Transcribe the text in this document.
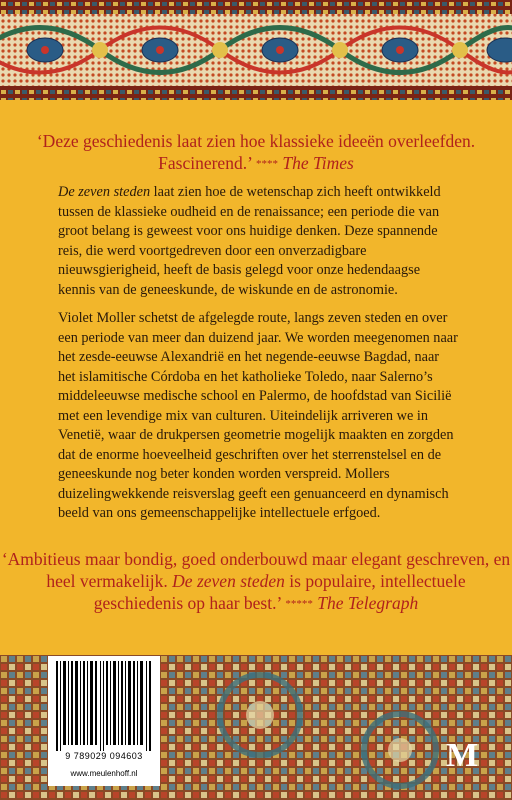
‘Deze geschiedenis laat zien hoe klassieke ideeën overleefden. Fascinerend.’ **** The Times

De zeven steden laat zien hoe de wetenschap zich heeft ontwikkeld tussen de klassieke oudheid en de renaissance; een periode die van groot belang is geweest voor ons huidige denken. Deze spannende reis, die werd voortgedreven door een onverzadigbare nieuwsgierigheid, heeft de basis gelegd voor onze hedendaagse kennis van de geneeskunde, de wiskunde en de astronomie.

Violet Moller schetst de afgelegde route, langs zeven steden en over een periode van meer dan duizend jaar. We worden meegenomen naar het zesde-eeuwse Alexandrië en het negende-eeuwse Bagdad, naar het islamitische Córdoba en het katholieke Toledo, naar Salerno’s middeleeuwse medische school en Palermo, de hoofdstad van Sicilië met een levendige mix van culturen. Uiteindelijk arriveren we in Venetië, waar de drukpersen geometrie mogelijk maakten en zorgden dat de enorme hoeveelheid geschriften over het sterrenstelsel en de geneeskunde nog beter konden worden verspreid. Mollers duizelingwekkende reisverslag geeft een genuanceerd en dynamisch beeld van ons gemeenschappelijke intellectuele erfgoed.

‘Ambitieus maar bondig, goed onderbouwd maar elegant geschreven, en heel vermakelijk. De zeven steden is populaire, intellectuele geschiedenis op haar best.’ ***** The Telegraph

9 789029 094603
www.meulenhoff.nl	M
